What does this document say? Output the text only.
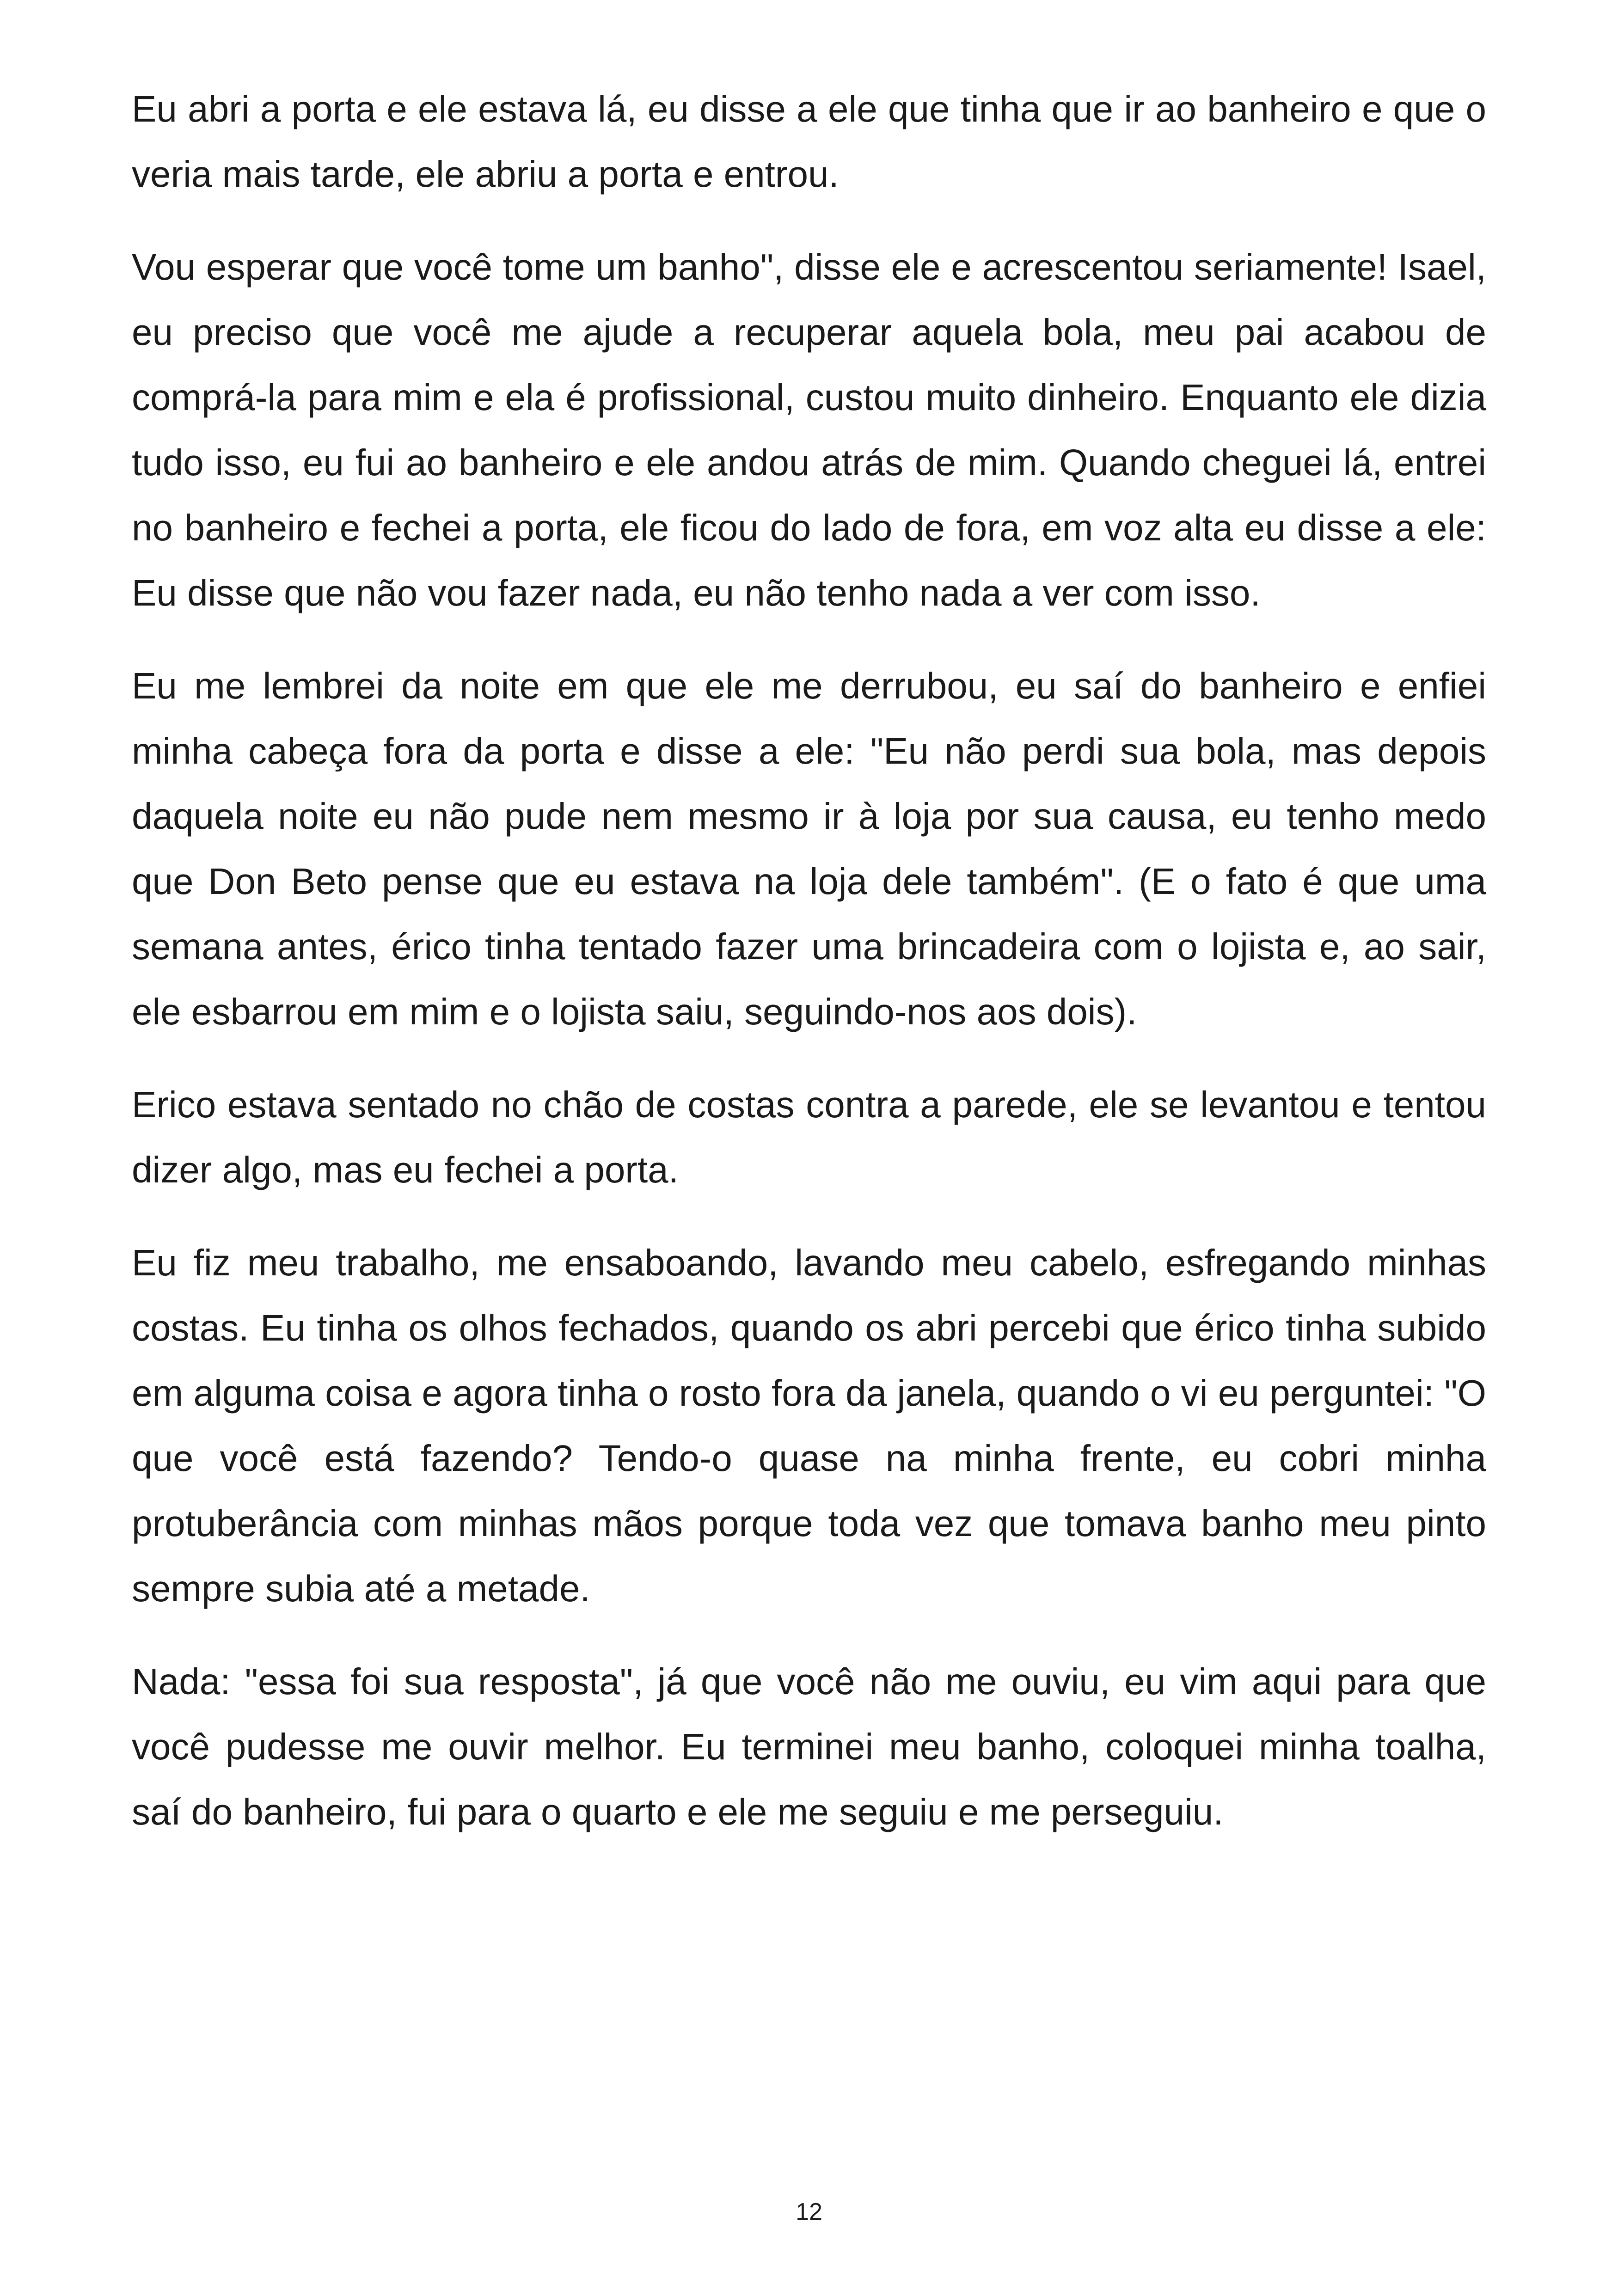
Eu abri a porta e ele estava lá, eu disse a ele que tinha que ir ao banheiro e que o veria mais tarde, ele abriu a porta e entrou.

Vou esperar que você tome um banho", disse ele e acrescentou seriamente! Isael, eu preciso que você me ajude a recuperar aquela bola, meu pai acabou de comprá-la para mim e ela é profissional, custou muito dinheiro. Enquanto ele dizia tudo isso, eu fui ao banheiro e ele andou atrás de mim. Quando cheguei lá, entrei no banheiro e fechei a porta, ele ficou do lado de fora, em voz alta eu disse a ele: Eu disse que não vou fazer nada, eu não tenho nada a ver com isso.

Eu me lembrei da noite em que ele me derrubou, eu saí do banheiro e enfiei minha cabeça fora da porta e disse a ele: "Eu não perdi sua bola, mas depois daquela noite eu não pude nem mesmo ir à loja por sua causa, eu tenho medo que Don Beto pense que eu estava na loja dele também". (E o fato é que uma semana antes, érico tinha tentado fazer uma brincadeira com o lojista e, ao sair, ele esbarrou em mim e o lojista saiu, seguindo-nos aos dois).

Erico estava sentado no chão de costas contra a parede, ele se levantou e tentou dizer algo, mas eu fechei a porta.

Eu fiz meu trabalho, me ensaboando, lavando meu cabelo, esfregando minhas costas. Eu tinha os olhos fechados, quando os abri percebi que érico tinha subido em alguma coisa e agora tinha o rosto fora da janela, quando o vi eu perguntei: "O que você está fazendo? Tendo-o quase na minha frente, eu cobri minha protuberância com minhas mãos porque toda vez que tomava banho meu pinto sempre subia até a metade.

Nada: "essa foi sua resposta", já que você não me ouviu, eu vim aqui para que você pudesse me ouvir melhor. Eu terminei meu banho, coloquei minha toalha, saí do banheiro, fui para o quarto e ele me seguiu e me perseguiu.

12
